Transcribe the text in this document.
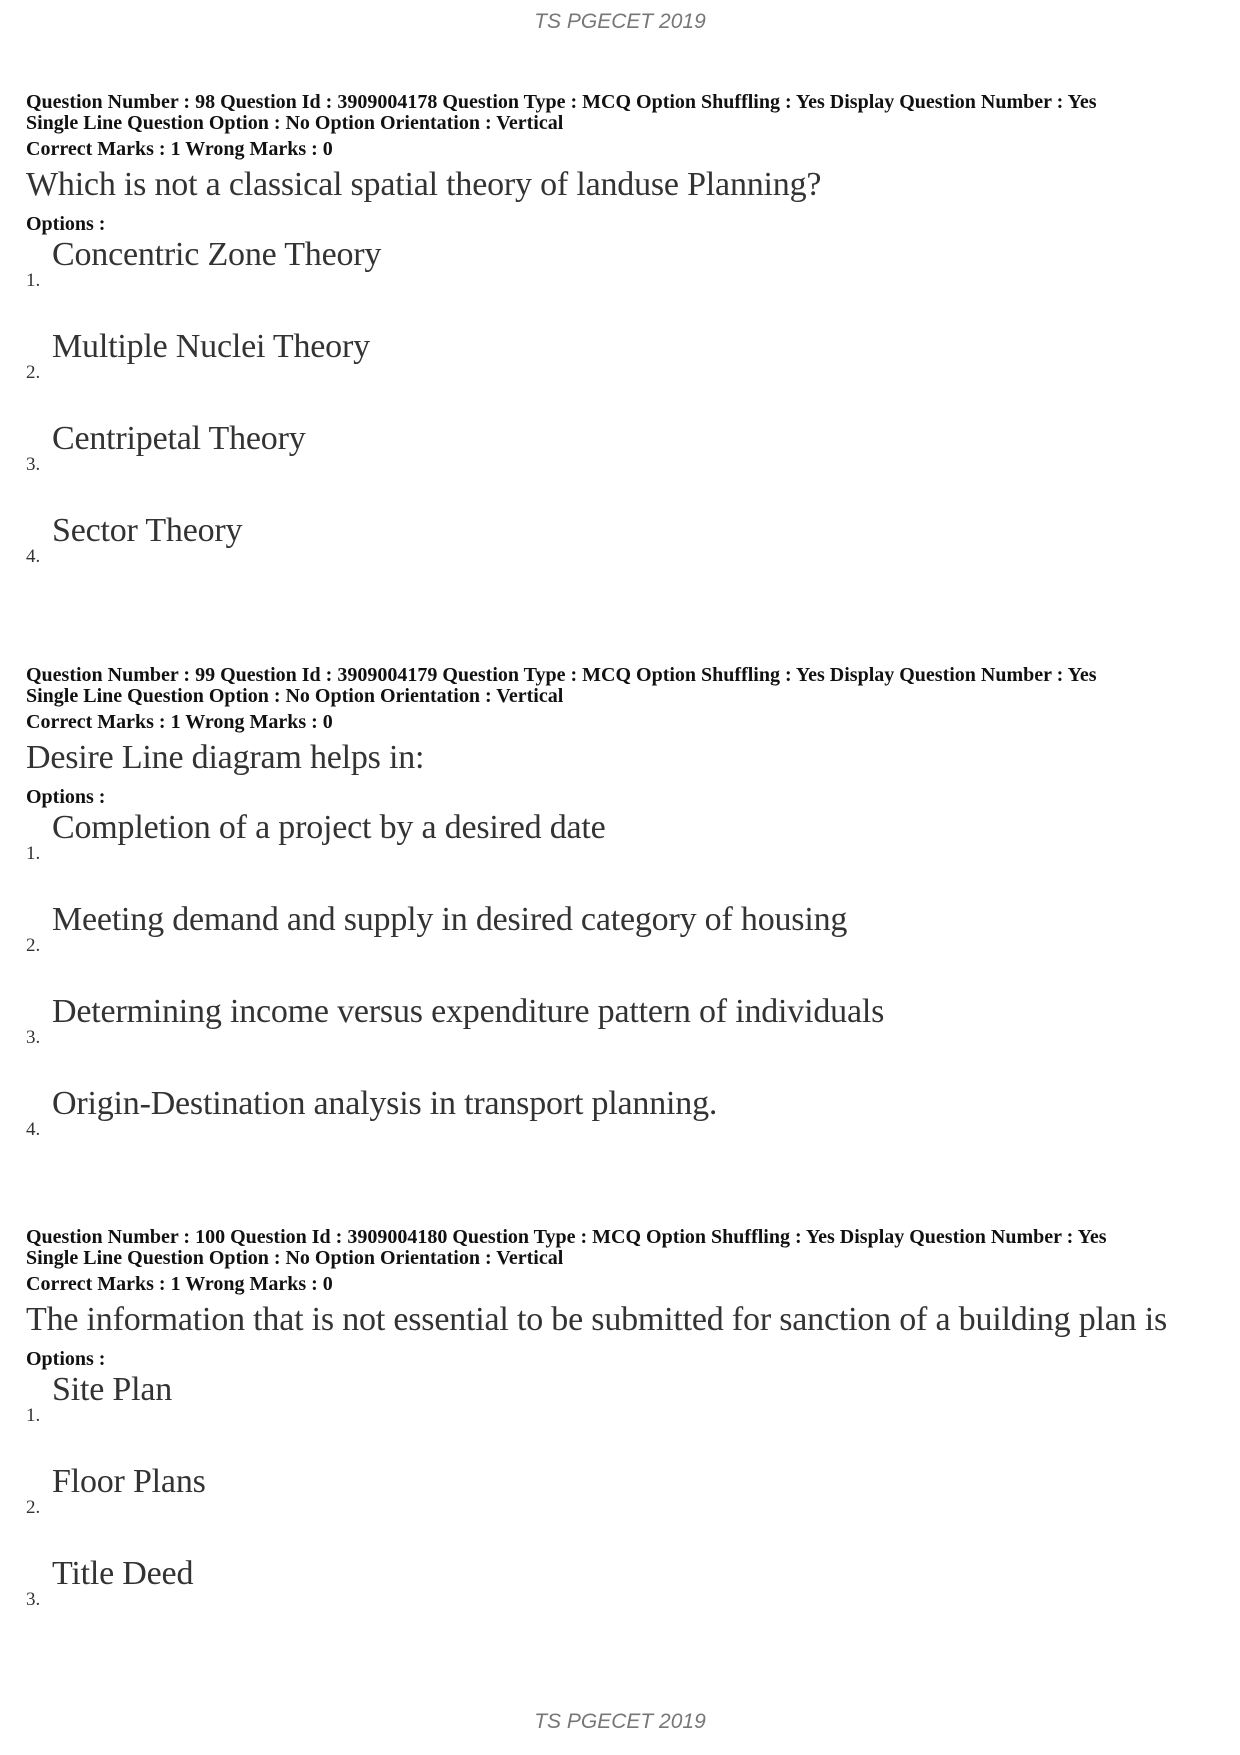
TS PGECET 2019
Question Number : 98 Question Id : 3909004178 Question Type : MCQ Option Shuffling : Yes Display Question Number : Yes
Single Line Question Option : No Option Orientation : Vertical
Correct Marks : 1 Wrong Marks : 0
Which is not a classical spatial theory of landuse Planning?
Options :
1.
Concentric Zone Theory
2.
Multiple Nuclei Theory
3.
Centripetal Theory
4.
Sector Theory
Question Number : 99 Question Id : 3909004179 Question Type : MCQ Option Shuffling : Yes Display Question Number : Yes
Single Line Question Option : No Option Orientation : Vertical
Correct Marks : 1 Wrong Marks : 0
Desire Line diagram helps in:
Options :
1.
Completion of a project by a desired date
2.
Meeting demand and supply in desired category of housing
3.
Determining income versus expenditure pattern of individuals
4.
Origin-Destination analysis in transport planning.
Question Number : 100 Question Id : 3909004180 Question Type : MCQ Option Shuffling : Yes Display Question Number : Yes
Single Line Question Option : No Option Orientation : Vertical
Correct Marks : 1 Wrong Marks : 0
The information that is not essential to be submitted for sanction of a building plan is
Options :
1.
Site Plan
2.
Floor Plans
3.
Title Deed
TS PGECET 2019
